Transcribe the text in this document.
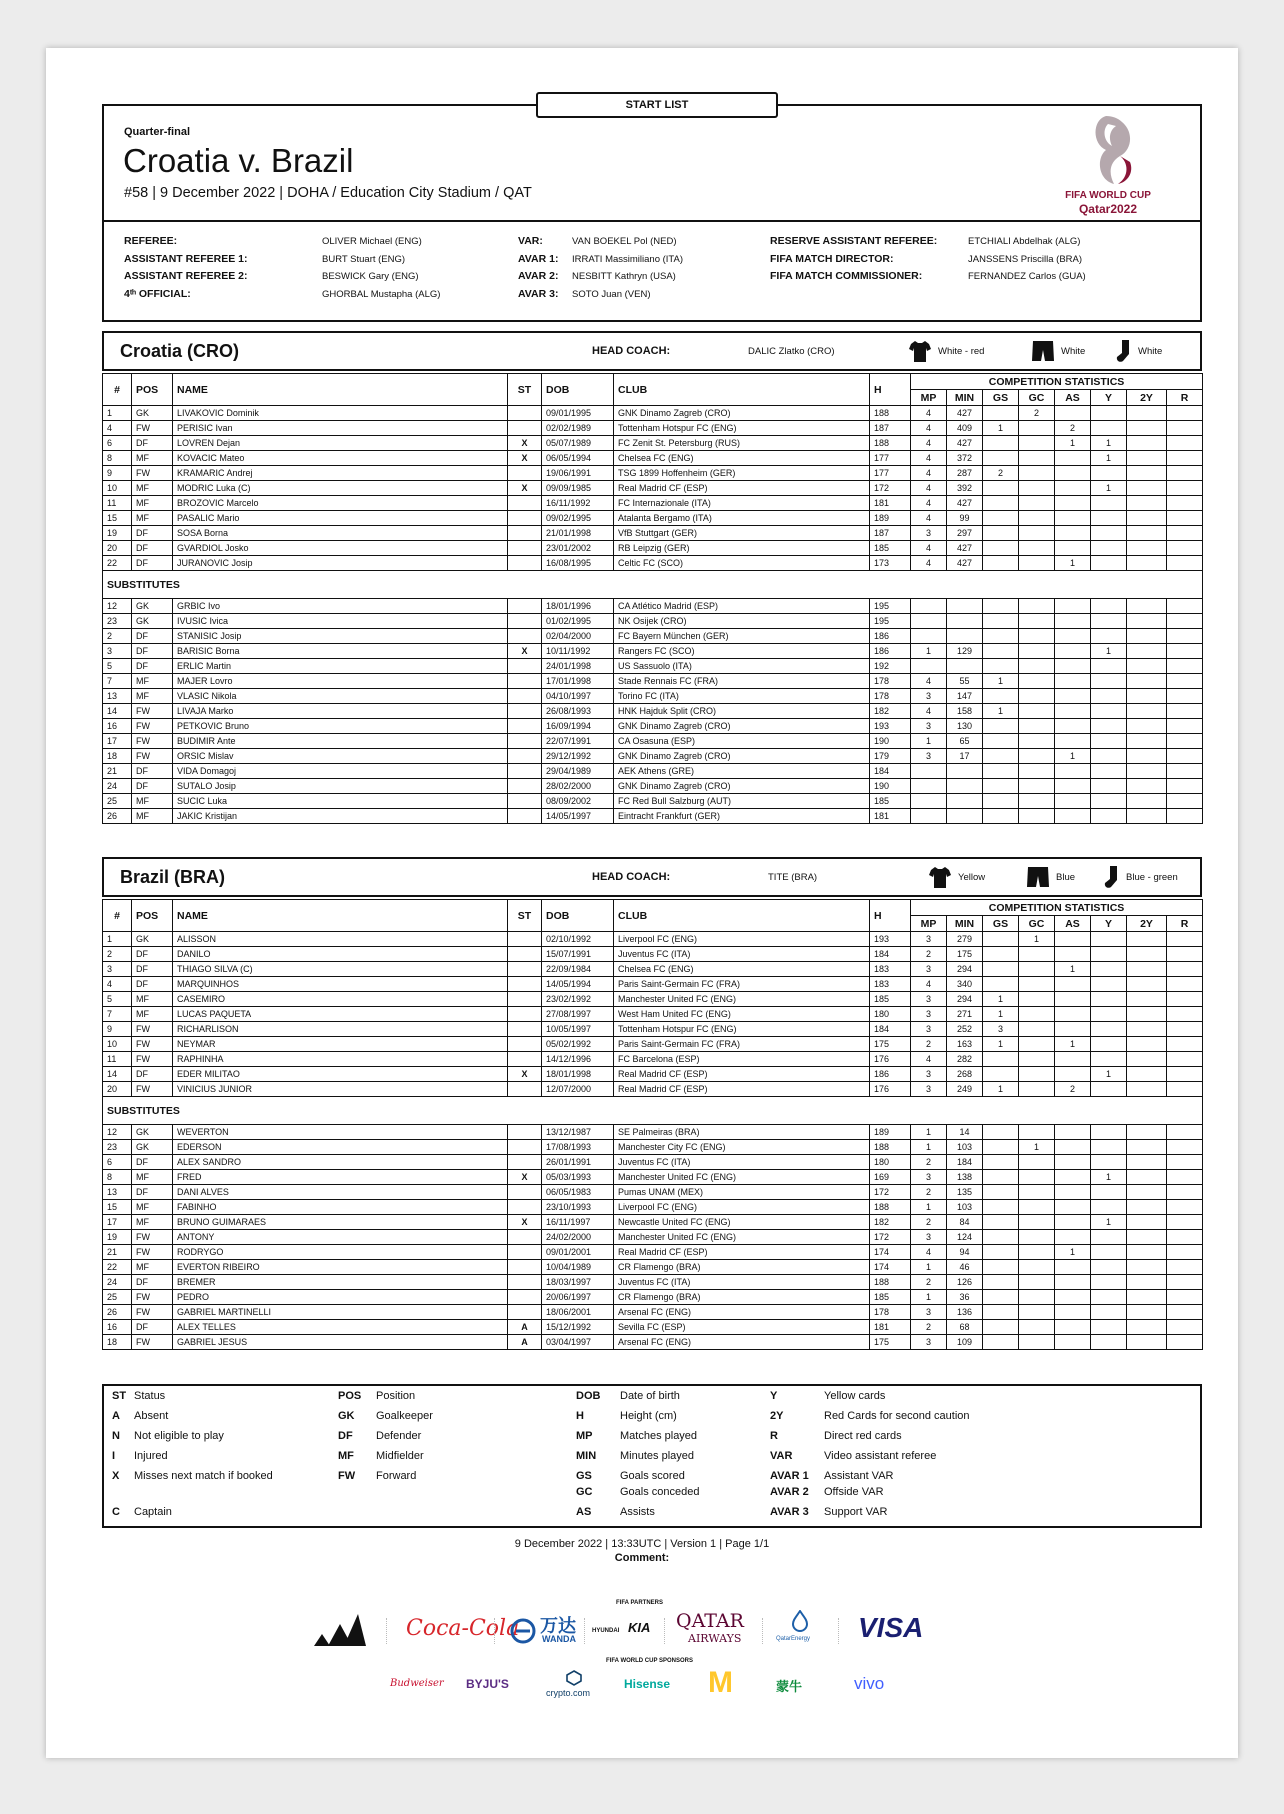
START LIST
Quarter-final
Croatia v. Brazil
#58 | 9 December 2022 | DOHA / Education City Stadium / QAT	FIFA WORLD CUP
Qatar2022
REFEREE:	OLIVER Michael (ENG)
ASSISTANT REFEREE 1:	BURT Stuart (ENG)
ASSISTANT REFEREE 2:	BESWICK Gary (ENG)
4ᵗʰ OFFICIAL:	GHORBAL Mustapha (ALG)
VAR:	VAN BOEKEL Pol (NED)
AVAR 1: IRRATI Massimiliano (ITA)
AVAR 2: NESBITT Kathryn (USA)
AVAR 3: SOTO Juan (VEN)
RESERVE ASSISTANT REFEREE:	ETCHIALI Abdelhak (ALG)
FIFA MATCH DIRECTOR:	JANSSENS Priscilla (BRA)
FIFA MATCH COMMISSIONER:	FERNANDEZ Carlos (GUA)
Croatia (CRO)	HEAD COACH:	DALIC Zlatko (CRO)	White - red	White	White
#	POS	NAME	ST	DOB	CLUB	H	COMPETITION STATISTICS							
							MP	MIN	GS	GC	AS	Y	2Y	R
1	GK	LIVAKOVIC Dominik		09/01/1995	GNK Dinamo Zagreb (CRO)	188	4	427		2				
4	FW	PERISIC Ivan		02/02/1989	Tottenham Hotspur FC (ENG)	187	4	409	1		2			
6	DF	LOVREN Dejan	X	05/07/1989	FC Zenit St. Petersburg (RUS)	188	4	427			1	1		
8	MF	KOVACIC Mateo	X	06/05/1994	Chelsea FC (ENG)	177	4	372				1		
9	FW	KRAMARIC Andrej		19/06/1991	TSG 1899 Hoffenheim (GER)	177	4	287	2					
10	MF	MODRIC Luka (C)	X	09/09/1985	Real Madrid CF (ESP)	172	4	392				1		
11	MF	BROZOVIC Marcelo		16/11/1992	FC Internazionale (ITA)	181	4	427						
15	MF	PASALIC Mario		09/02/1995	Atalanta Bergamo (ITA)	189	4	99						
19	DF	SOSA Borna		21/01/1998	VfB Stuttgart (GER)	187	3	297						
20	DF	GVARDIOL Josko		23/01/2002	RB Leipzig (GER)	185	4	427						
22	DF	JURANOVIC Josip		16/08/1995	Celtic FC (SCO)	173	4	427			1			
SUBSTITUTES														
12	GK	GRBIC Ivo		18/01/1996	CA Atlético Madrid (ESP)	195								
23	GK	IVUSIC Ivica		01/02/1995	NK Osijek (CRO)	195								
2	DF	STANISIC Josip		02/04/2000	FC Bayern München (GER)	186								
3	DF	BARISIC Borna	X	10/11/1992	Rangers FC (SCO)	186	1	129				1		
5	DF	ERLIC Martin		24/01/1998	US Sassuolo (ITA)	192								
7	MF	MAJER Lovro		17/01/1998	Stade Rennais FC (FRA)	178	4	55	1					
13	MF	VLASIC Nikola		04/10/1997	Torino FC (ITA)	178	3	147						
14	FW	LIVAJA Marko		26/08/1993	HNK Hajduk Split (CRO)	182	4	158	1					
16	FW	PETKOVIC Bruno		16/09/1994	GNK Dinamo Zagreb (CRO)	193	3	130						
17	FW	BUDIMIR Ante		22/07/1991	CA Osasuna (ESP)	190	1	65						
18	FW	ORSIC Mislav		29/12/1992	GNK Dinamo Zagreb (CRO)	179	3	17			1			
21	DF	VIDA Domagoj		29/04/1989	AEK Athens (GRE)	184								
24	DF	SUTALO Josip		28/02/2000	GNK Dinamo Zagreb (CRO)	190								
25	MF	SUCIC Luka		08/09/2002	FC Red Bull Salzburg (AUT)	185								
26	MF	JAKIC Kristijan		14/05/1997	Eintracht Frankfurt (GER)	181								
Brazil (BRA)	HEAD COACH:	TITE (BRA)	Yellow	Blue	Blue - green
#	POS	NAME	ST	DOB	CLUB	H	COMPETITION STATISTICS							
							MP	MIN	GS	GC	AS	Y	2Y	R
1	GK	ALISSON		02/10/1992	Liverpool FC (ENG)	193	3	279		1				
2	DF	DANILO		15/07/1991	Juventus FC (ITA)	184	2	175						
3	DF	THIAGO SILVA (C)		22/09/1984	Chelsea FC (ENG)	183	3	294			1			
4	DF	MARQUINHOS		14/05/1994	Paris Saint-Germain FC (FRA)	183	4	340						
5	MF	CASEMIRO		23/02/1992	Manchester United FC (ENG)	185	3	294	1					
7	MF	LUCAS PAQUETA		27/08/1997	West Ham United FC (ENG)	180	3	271	1					
9	FW	RICHARLISON		10/05/1997	Tottenham Hotspur FC (ENG)	184	3	252	3					
10	FW	NEYMAR		05/02/1992	Paris Saint-Germain FC (FRA)	175	2	163	1		1			
11	FW	RAPHINHA		14/12/1996	FC Barcelona (ESP)	176	4	282						
14	DF	EDER MILITAO	X	18/01/1998	Real Madrid CF (ESP)	186	3	268				1		
20	FW	VINICIUS JUNIOR		12/07/2000	Real Madrid CF (ESP)	176	3	249	1		2			
SUBSTITUTES														
12	GK	WEVERTON		13/12/1987	SE Palmeiras (BRA)	189	1	14						
23	GK	EDERSON		17/08/1993	Manchester City FC (ENG)	188	1	103		1				
6	DF	ALEX SANDRO		26/01/1991	Juventus FC (ITA)	180	2	184						
8	MF	FRED	X	05/03/1993	Manchester United FC (ENG)	169	3	138				1		
13	DF	DANI ALVES		06/05/1983	Pumas UNAM (MEX)	172	2	135						
15	MF	FABINHO		23/10/1993	Liverpool FC (ENG)	188	1	103						
17	MF	BRUNO GUIMARAES	X	16/11/1997	Newcastle United FC (ENG)	182	2	84				1		
19	FW	ANTONY		24/02/2000	Manchester United FC (ENG)	172	3	124						
21	FW	RODRYGO		09/01/2001	Real Madrid CF (ESP)	174	4	94			1			
22	MF	EVERTON RIBEIRO		10/04/1989	CR Flamengo (BRA)	174	1	46						
24	DF	BREMER		18/03/1997	Juventus FC (ITA)	188	2	126						
25	FW	PEDRO		20/06/1997	CR Flamengo (BRA)	185	1	36						
26	FW	GABRIEL MARTINELLI		18/06/2001	Arsenal FC (ENG)	178	3	136						
16	DF	ALEX TELLES	A	15/12/1992	Sevilla FC (ESP)	181	2	68						
18	FW	GABRIEL JESUS	A	03/04/1997	Arsenal FC (ENG)	175	3	109						
ST Status
A Absent
N Not eligible to play
I Injured
X Misses next match if booked
C Captain
POS Position
GK Goalkeeper
DF Defender
MF Midfielder
FW Forward
DOB Date of birth
H	Height (cm)
MP	Matches played
MIN Minutes played
GS	Goals scored
GC	Goals conceded
AS	Assists
Y	Yellow cards
2Y	Red Cards for second caution
R	Direct red cards
VAR	Video assistant referee
AVAR 1 Assistant VAR
AVAR 2 Offside VAR
AVAR 3 Support VAR
9 December 2022 | 13:33UTC | Version 1 | Page 1/1
Comment:
FIFA PARTNERS
Coca-Cola 万达
WANDA
HYUNDAI KIA QATAR
AIRWAYS	QatarEnergy VISA
FIFA WORLD CUP SPONSORS
Budweiser BYJU'S
crypto.com
Hisense M	蒙牛	vivo
